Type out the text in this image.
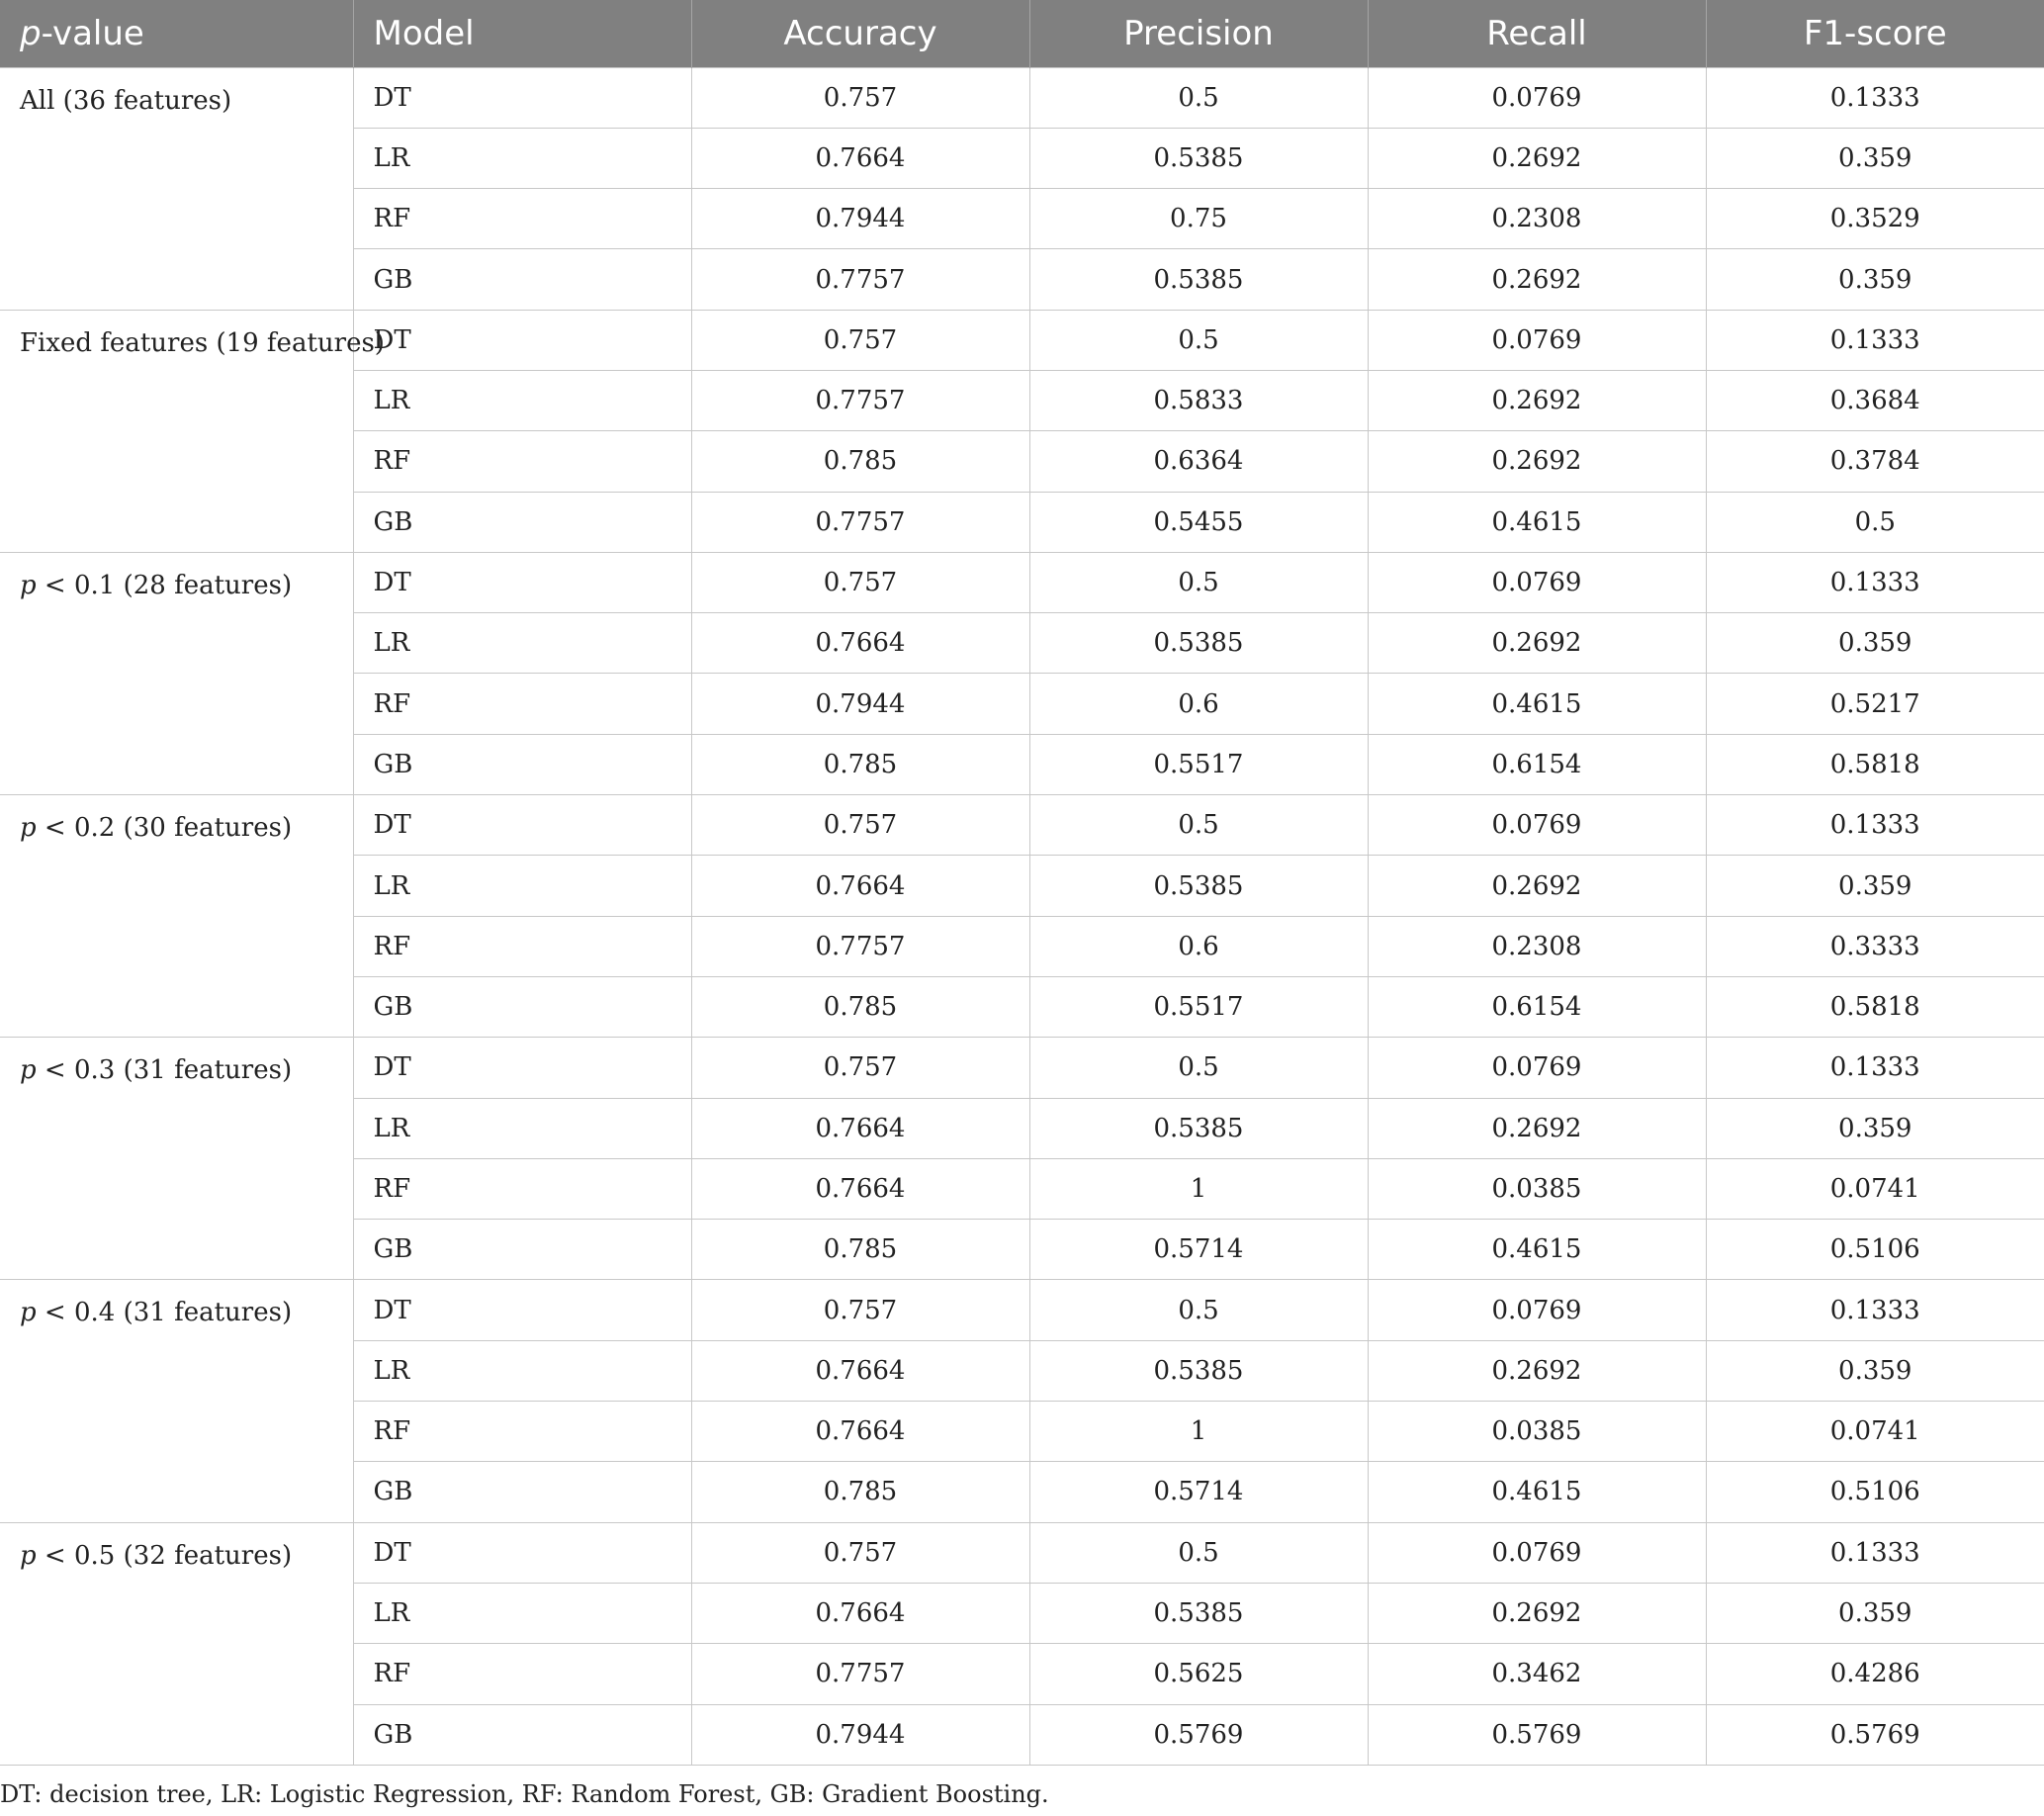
p-value	Model	Accuracy	Precision	Recall	F1-score
All (36 features)	DT	0.757	0.5	0.0769	0.1333
	LR	0.7664	0.5385	0.2692	0.359
	RF	0.7944	0.75	0.2308	0.3529
	GB	0.7757	0.5385	0.2692	0.359
Fixed features (19 features)	DT	0.757	0.5	0.0769	0.1333
	LR	0.7757	0.5833	0.2692	0.3684
	RF	0.785	0.6364	0.2692	0.3784
	GB	0.7757	0.5455	0.4615	0.5
p < 0.1 (28 features)	DT	0.757	0.5	0.0769	0.1333
	LR	0.7664	0.5385	0.2692	0.359
	RF	0.7944	0.6	0.4615	0.5217
	GB	0.785	0.5517	0.6154	0.5818
p < 0.2 (30 features)	DT	0.757	0.5	0.0769	0.1333
	LR	0.7664	0.5385	0.2692	0.359
	RF	0.7757	0.6	0.2308	0.3333
	GB	0.785	0.5517	0.6154	0.5818
p < 0.3 (31 features)	DT	0.757	0.5	0.0769	0.1333
	LR	0.7664	0.5385	0.2692	0.359
	RF	0.7664	1	0.0385	0.0741
	GB	0.785	0.5714	0.4615	0.5106
p < 0.4 (31 features)	DT	0.757	0.5	0.0769	0.1333
	LR	0.7664	0.5385	0.2692	0.359
	RF	0.7664	1	0.0385	0.0741
	GB	0.785	0.5714	0.4615	0.5106
p < 0.5 (32 features)	DT	0.757	0.5	0.0769	0.1333
	LR	0.7664	0.5385	0.2692	0.359
	RF	0.7757	0.5625	0.3462	0.4286
	GB	0.7944	0.5769	0.5769	0.5769
DT: decision tree, LR: Logistic Regression, RF: Random Forest, GB: Gradient Boosting.
